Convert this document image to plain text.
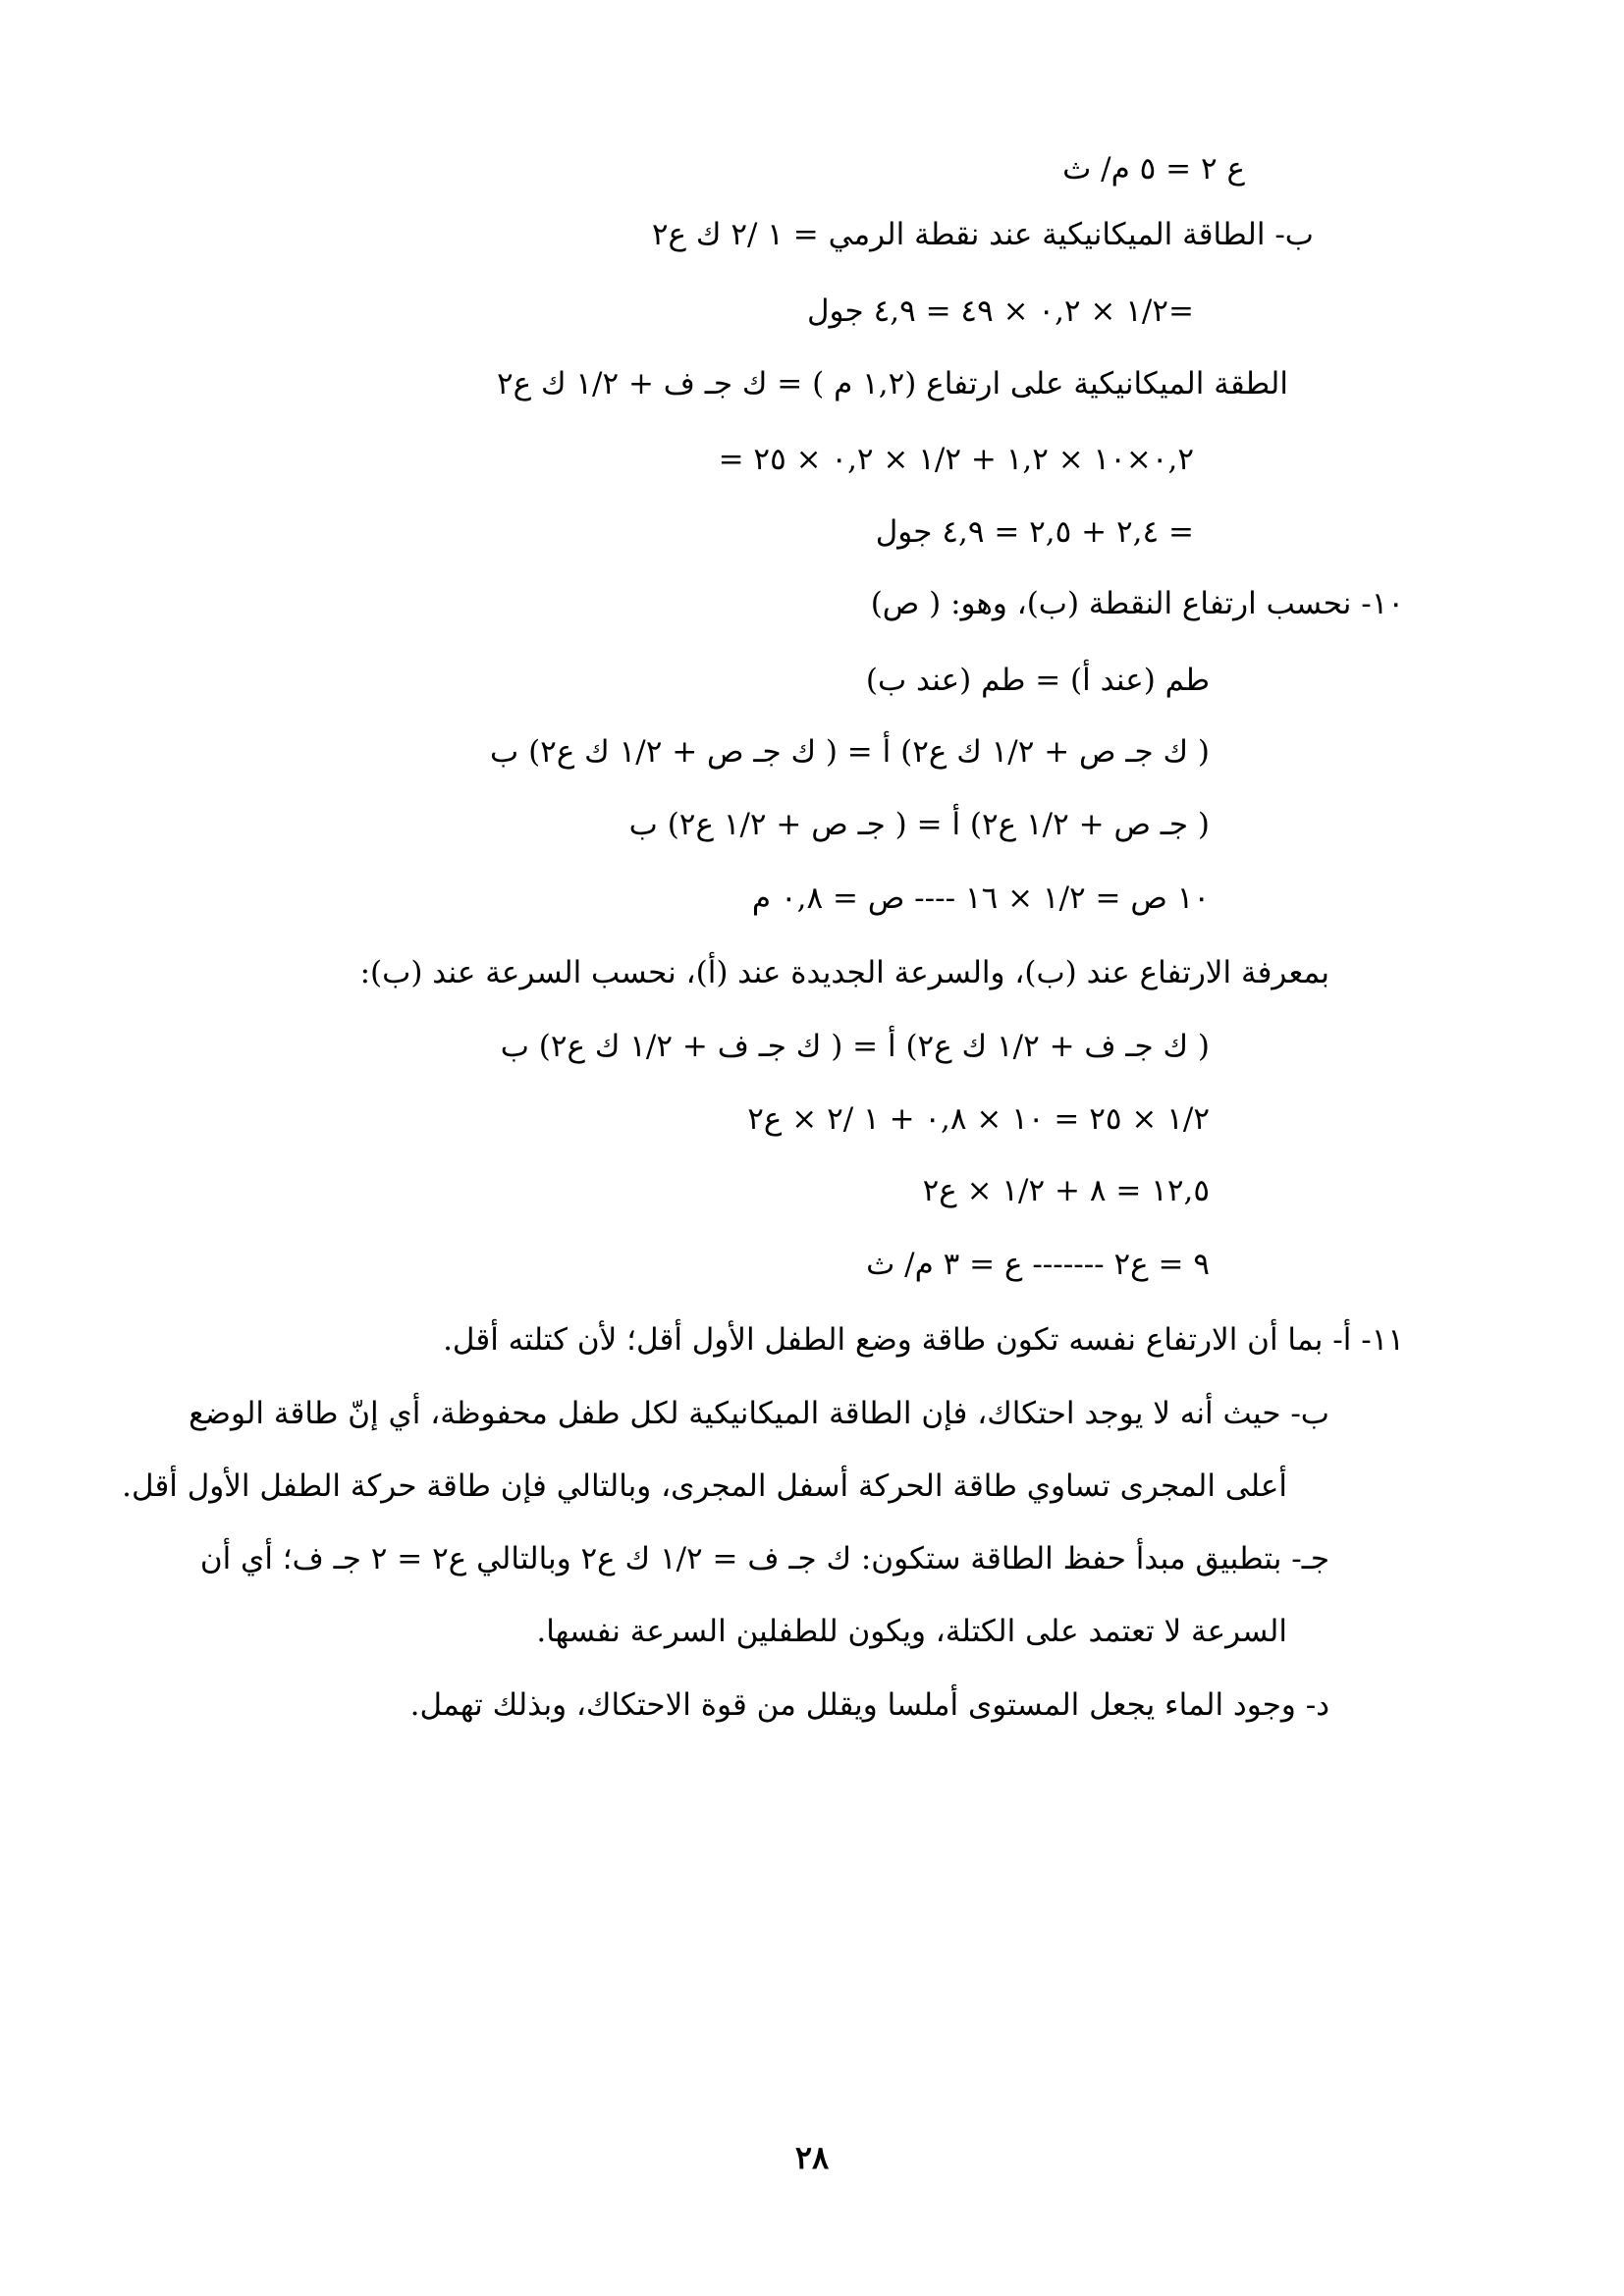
ع ٢ = ٥ م/ ث
ب- الطاقة الميكانيكية عند نقطة الرمي = ١ /٢ ك ع٢
=١/٢ × ٠,٢ × ٤٩ = ٤,٩ جول
الطقة الميكانيكية على ارتفاع (١,٢ م ) = ك جـ ف + ١/٢ ك ع٢
= ٠,٢×١٠ × ١,٢ + ١/٢ × ٠,٢ × ٢٥
= ٢,٤ + ٢,٥ = ٤,٩ جول
١٠- نحسب ارتفاع النقطة (ب)، وهو: ( ص)
طم (عند أ) = طم (عند ب)
( ك جـ ص + ١/٢ ك ع٢) أ = ( ك جـ ص + ١/٢ ك ع٢) ب
( جـ ص + ١/٢ ع٢) أ = ( جـ ص + ١/٢ ع٢) ب
١٠ ص = ١/٢ × ١٦ ---- ص = ٠,٨ م
بمعرفة الارتفاع عند (ب)، والسرعة الجديدة عند (أ)، نحسب السرعة عند (ب):
( ك جـ ف + ١/٢ ك ع٢) أ = ( ك جـ ف + ١/٢ ك ع٢) ب
١/٢ × ٢٥ = ١٠ × ٠,٨ + ١ /٢ × ع٢
١٢,٥ = ٨ + ١/٢ × ع٢
٩ = ع٢ ------- ع = ٣ م/ ث
١١- أ- بما أن الارتفاع نفسه تكون طاقة وضع الطفل الأول أقل؛ لأن كتلته أقل.
ب- حيث أنه لا يوجد احتكاك، فإن الطاقة الميكانيكية لكل طفل محفوظة، أي إنّ طاقة الوضع
أعلى المجرى تساوي طاقة الحركة أسفل المجرى، وبالتالي فإن طاقة حركة الطفل الأول أقل.
جـ- بتطبيق مبدأ حفظ الطاقة ستكون: ك جـ ف = ١/٢ ك ع٢ وبالتالي ع٢ = ٢ جـ ف؛ أي أن
السرعة لا تعتمد على الكتلة، ويكون للطفلين السرعة نفسها.
د- وجود الماء يجعل المستوى أملسا ويقلل من قوة الاحتكاك، وبذلك تهمل.
٢٨
